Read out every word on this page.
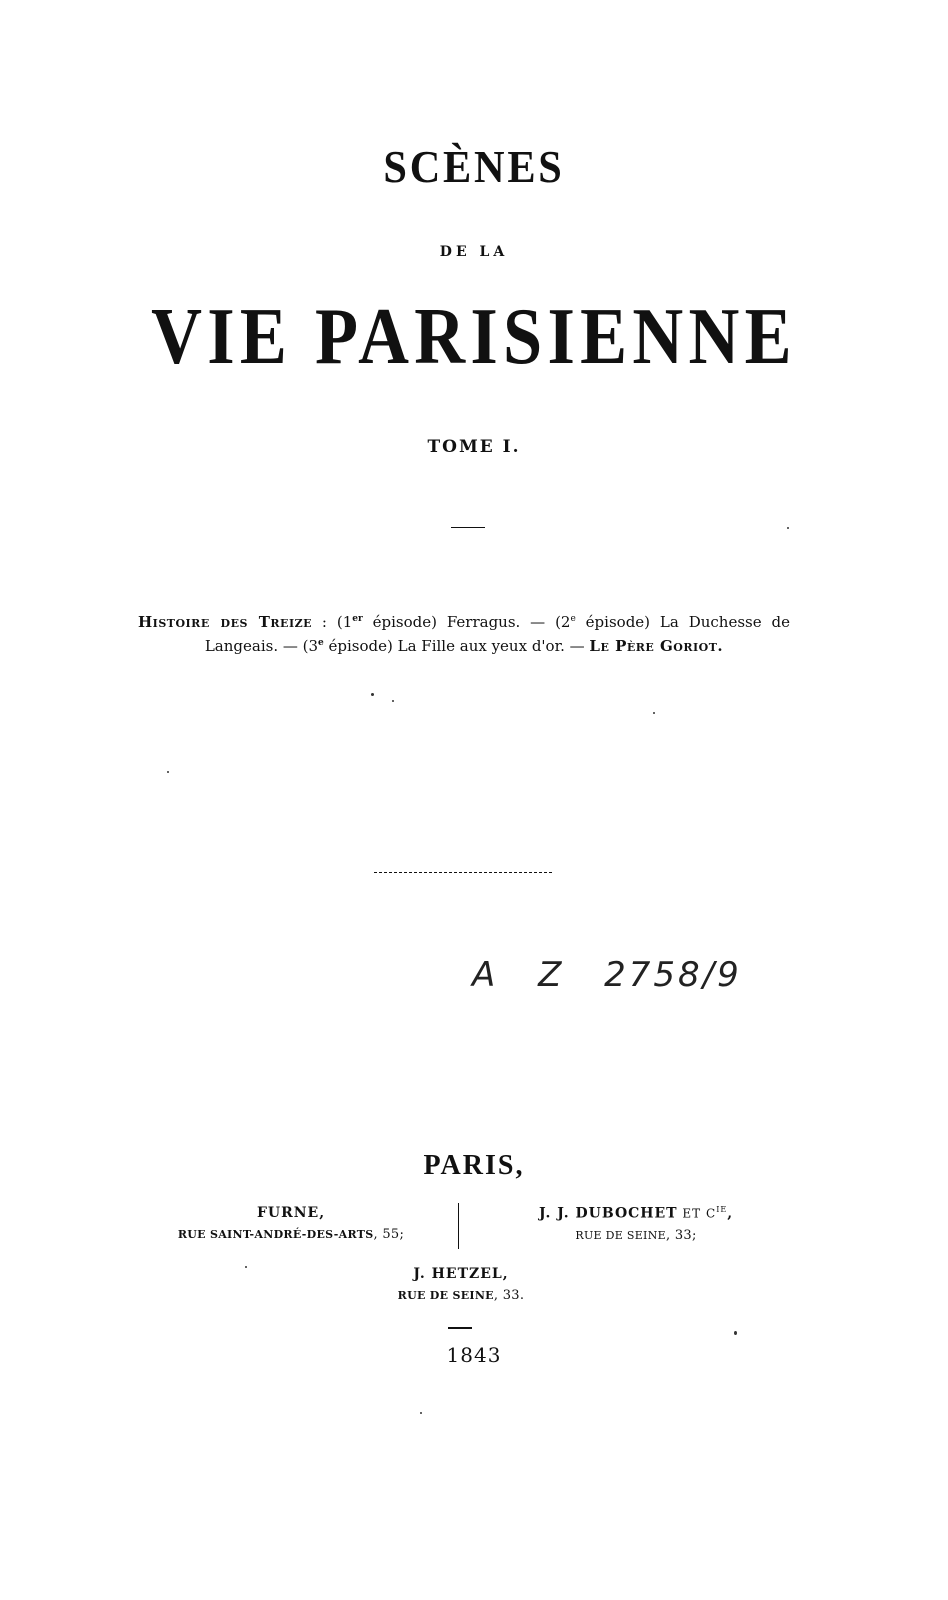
SCÈNES
DE LA
VIE PARISIENNE
TOME I.
Histoire des Treize : (1er épisode) Ferragus. — (2e épisode) La Duchesse de Langeais. — (3e épisode) La Fille aux yeux d'or. — Le Père Goriot.
A Z 2758/9
PARIS,
FURNE,
RUE SAINT-ANDRÉ-DES-ARTS, 55;
J. J. DUBOCHET ET $C^{IE}$,
RUE DE SEINE, 33;
J. HETZEL,
RUE DE SEINE, 33.
1843
